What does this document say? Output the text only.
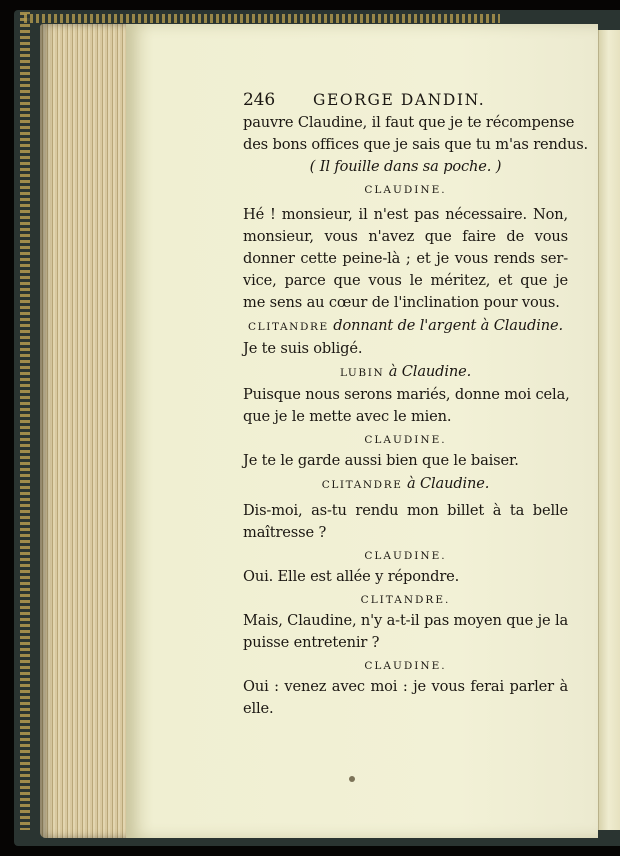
246 GEORGE DANDIN.
pauvre Claudine, il faut que je te récompense
des bons offices que je sais que tu m'as rendus.
( Il fouille dans sa poche. )
CLAUDINE.
Hé ! monsieur, il n'est pas nécessaire. Non,
monsieur, vous n'avez que faire de vous
donner cette peine-là ; et je vous rends ser-
vice, parce que vous le méritez, et que je
me sens au cœur de l'inclination pour vous.
CLITANDRE donnant de l'argent à Claudine.
Je te suis obligé.
LUBIN à Claudine.
Puisque nous serons mariés, donne moi cela,
que je le mette avec le mien.
CLAUDINE.
Je te le garde aussi bien que le baiser.
CLITANDRE à Claudine.
Dis-moi, as-tu rendu mon billet à ta belle
maîtresse ?
CLAUDINE.
Oui. Elle est allée y répondre.
CLITANDRE.
Mais, Claudine, n'y a-t-il pas moyen que je la
puisse entretenir ?
CLAUDINE.
Oui : venez avec moi : je vous ferai parler à
elle.
